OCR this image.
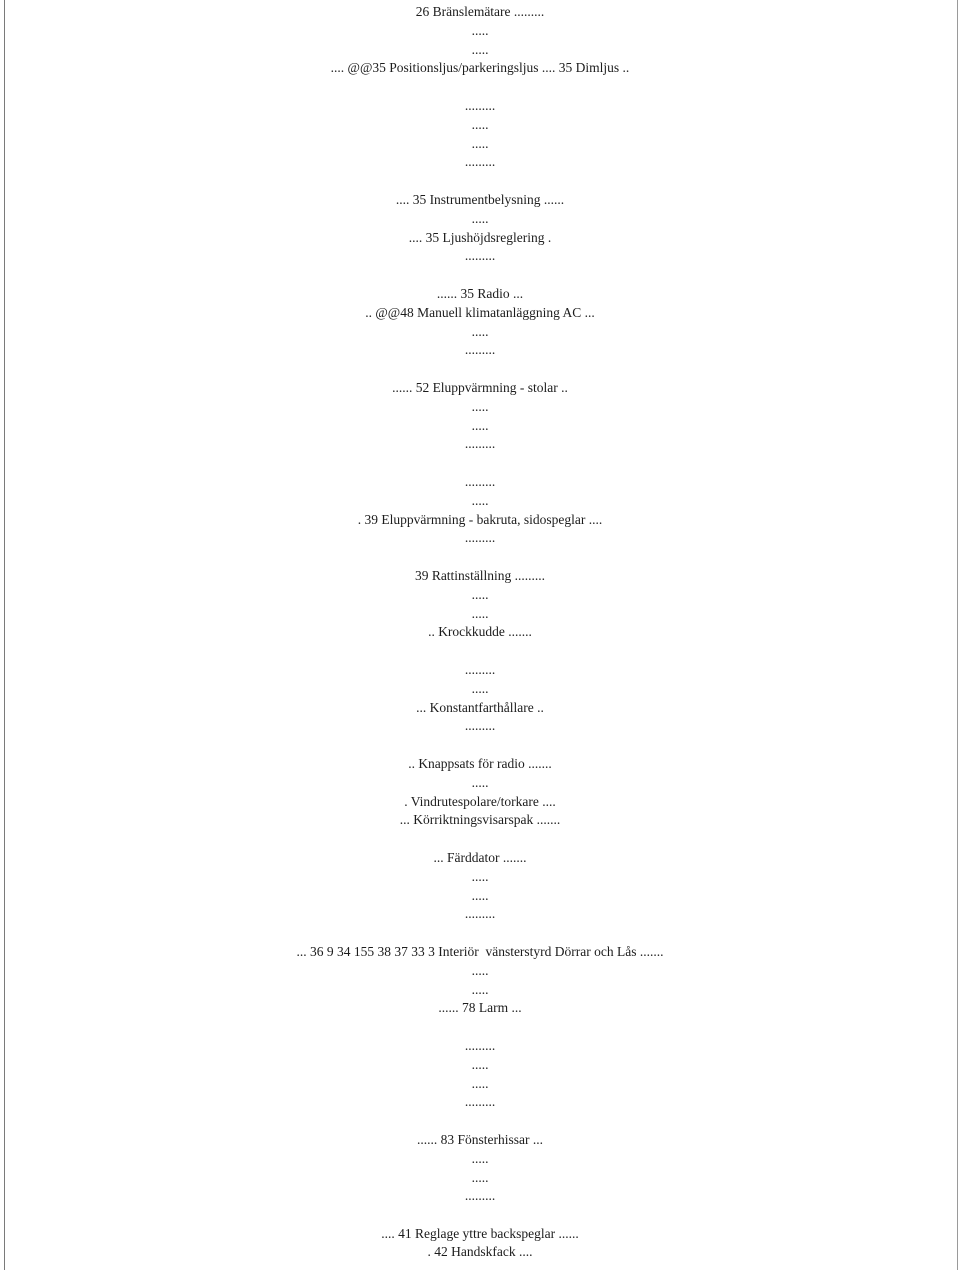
26 Bränslemätare .........
.....
.....
.... @@35 Positionsljus/parkeringsljus .... 35 Dimljus ..
.........
.....
.....
.........
.... 35 Instrumentbelysning ......
.....
.... 35 Ljushöjdsreglering .
.........
...... 35 Radio ...
.. @@48 Manuell klimatanläggning AC ...
.....
.........
...... 52 Eluppvärmning - stolar ..
.....
.....
.........
.........
.....
. 39 Eluppvärmning - bakruta, sidospeglar ....
.........
39 Rattinställning .........
.....
.....
.. Krockkudde .......
.........
.....
... Konstantfarthållare ..
.........
.. Knappsats för radio .......
.....
. Vindrutespolare/torkare ....
... Körriktningsvisarspak .......
... Färddator .......
.....
.....
.........
... 36 9 34 155 38 37 33 3 Interiör  vänsterstyrd Dörrar och Lås .......
.....
.....
...... 78 Larm ...
.........
.....
.....
.........
...... 83 Fönsterhissar ...
.....
.....
.........
.... 41 Reglage yttre backspeglar ......
. 42 Handskfack ....
